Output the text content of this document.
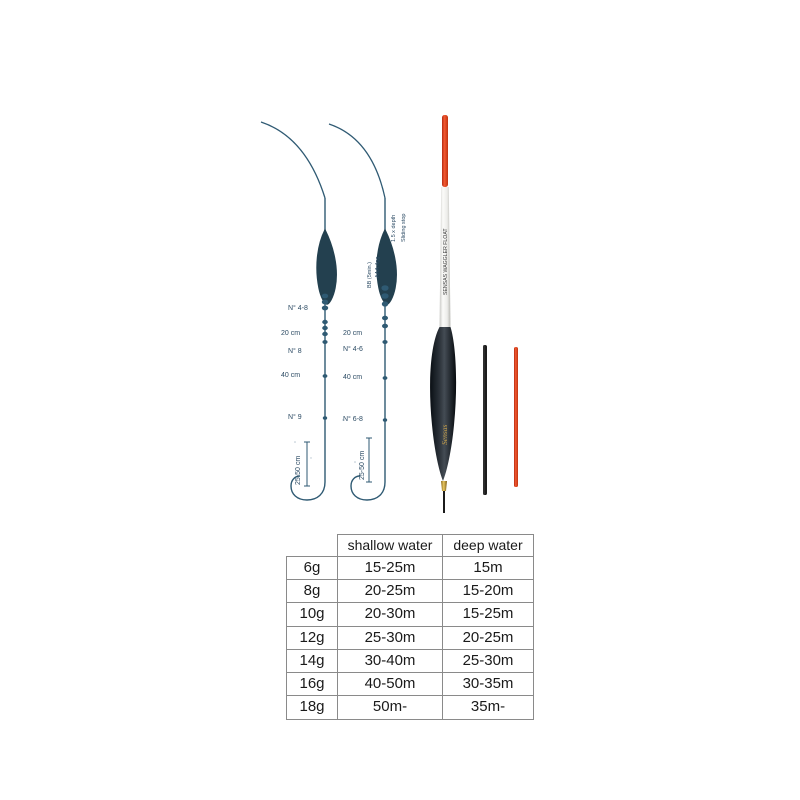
N° 4-8
20 cm
N° 8
40 cm
N° 9
25-50 cm
20 cm
N° 4-6
40 cm
N° 6-8
25-50 cm
Sliding stop
1.5 x depth
AAA 4gg
BB (5min.)	SENSAS WAGGLER FLOAT
Sensas
	shallow water	deep water
6g	15-25m	15m
8g	20-25m	15-20m
10g	20-30m	15-25m
12g	25-30m	20-25m
14g	30-40m	25-30m
16g	40-50m	30-35m
18g	50m-	35m-
